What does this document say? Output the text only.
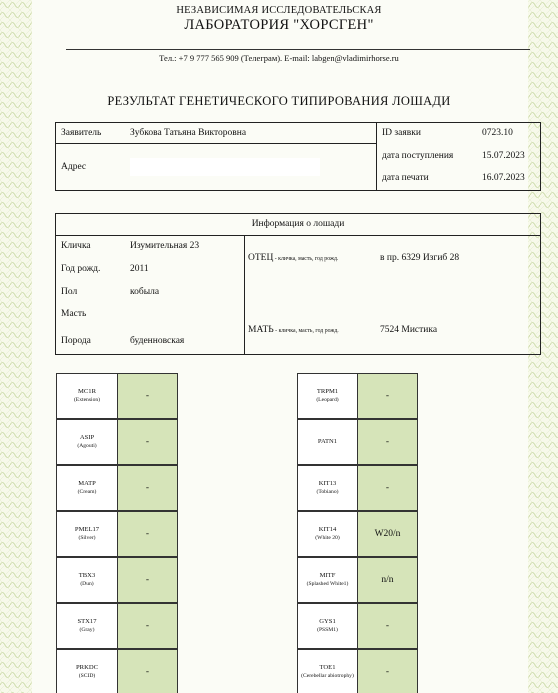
НЕЗАВИСИМАЯ ИССЛЕДОВАТЕЛЬСКАЯ
ЛАБОРАТОРИЯ "ХОРСГЕН"
Тел.: +7 9 777 565 909 (Телеграм). E-mail: labgen@vladimirhorse.ru
РЕЗУЛЬТАТ ГЕНЕТИЧЕСКОГО ТИПИРОВАНИЯ ЛОШАДИ
Заявитель	Зубкова Татьяна Викторовна
Адрес
ID заявки	0723.10
дата поступления	15.07.2023
дата печати	16.07.2023
Информация о лошади
Кличка	Изумительная 23
Год рожд.	2011
Пол	кобыла
Масть
Порода	буденновская
ОТЕЦ - кличка, масть, год рожд.	в пр. 6329 Изгиб 28
МАТЬ - кличка, масть, год рожд.	7524 Мистика
MC1R
(Extension)	-
ASIP
(Agouti)	-
MATP
(Cream)	-
PMEL17
(Silver)	-
TBX3
(Dun)	-
STX17
(Gray)	-
PRKDC
(SCID)	-
TRPM1
(Leopard)	-
PATN1	-
KIT13
(Tobiano)	-
KIT14
(White 20)	W20/n
MITF
(Splashed White1)	n/n
GYS1
(PSSM1)	-
TOE1
(Cerebellar abiotrophy)	-
